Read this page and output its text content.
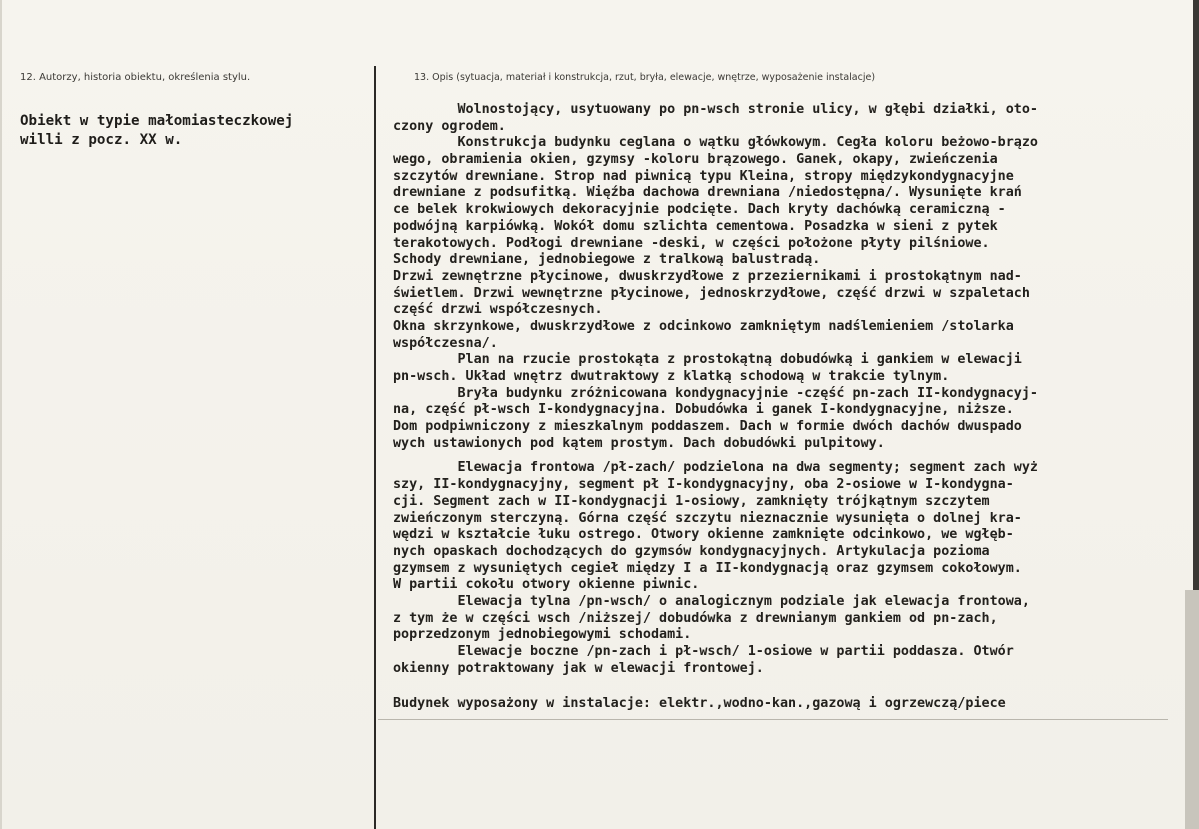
12. Autorzy, historia obiektu, określenia stylu.	13. Opis (sytuacja, materiał i konstrukcja, rzut, bryła, elewacje, wnętrze, wyposażenie instalacje)
Obiekt w typie małomiasteczkowej
willi z pocz. XX w.
Wolnostojący, usytuowany po pn-wsch stronie ulicy, w głębi działki, oto-
czony ogrodem.
Konstrukcja budynku ceglana o wątku główkowym. Cegła koloru beżowo-brązo
wego, obramienia okien, gzymsy -koloru brązowego. Ganek, okapy, zwieńczenia
szczytów drewniane. Strop nad piwnicą typu Kleina, stropy międzykondygnacyjne
drewniane z podsufitką. Więźba dachowa drewniana /niedostępna/. Wysunięte krań
ce belek krokwiowych dekoracyjnie podcięte. Dach kryty dachówką ceramiczną -
podwójną karpiówką. Wokół domu szlichta cementowa. Posadzka w sieni z pytek
terakotowych. Podłogi drewniane -deski, w części położone płyty pilśniowe.
Schody drewniane, jednobiegowe z tralkową balustradą.
Drzwi zewnętrzne płycinowe, dwuskrzydłowe z przeziernikami i prostokątnym nad-
świetlem. Drzwi wewnętrzne płycinowe, jednoskrzydłowe, część drzwi w szpaletach
część drzwi współczesnych.
Okna skrzynkowe, dwuskrzydłowe z odcinkowo zamkniętym nadślemieniem /stolarka
współczesna/.
Plan na rzucie prostokąta z prostokątną dobudówką i gankiem w elewacji
pn-wsch. Układ wnętrz dwutraktowy z klatką schodową w trakcie tylnym.
Bryła budynku zróżnicowana kondygnacyjnie -część pn-zach II-kondygnacyj-
na, część pł-wsch I-kondygnacyjna. Dobudówka i ganek I-kondygnacyjne, niższe.
Dom podpiwniczony z mieszkalnym poddaszem. Dach w formie dwóch dachów dwuspado
wych ustawionych pod kątem prostym. Dach dobudówki pulpitowy.
Elewacja frontowa /pł-zach/ podzielona na dwa segmenty; segment zach wyż
szy, II-kondygnacyjny, segment pł I-kondygnacyjny, oba 2-osiowe w I-kondygna-
cji. Segment zach w II-kondygnacji 1-osiowy, zamknięty trójkątnym szczytem
zwieńczonym sterczyną. Górna część szczytu nieznacznie wysunięta o dolnej kra-
wędzi w kształcie łuku ostrego. Otwory okienne zamknięte odcinkowo, we wgłęb-
nych opaskach dochodzących do gzymsów kondygnacyjnych. Artykulacja pozioma
gzymsem z wysuniętych cegieł między I a II-kondygnacją oraz gzymsem cokołowym.
W partii cokołu otwory okienne piwnic.
Elewacja tylna /pn-wsch/ o analogicznym podziale jak elewacja frontowa,
z tym że w części wsch /niższej/ dobudówka z drewnianym gankiem od pn-zach,
poprzedzonym jednobiegowymi schodami.
Elewacje boczne /pn-zach i pł-wsch/ 1-osiowe w partii poddasza. Otwór
okienny potraktowany jak w elewacji frontowej.
Budynek wyposażony w instalacje: elektr.,wodno-kan.,gazową i ogrzewczą/piece
